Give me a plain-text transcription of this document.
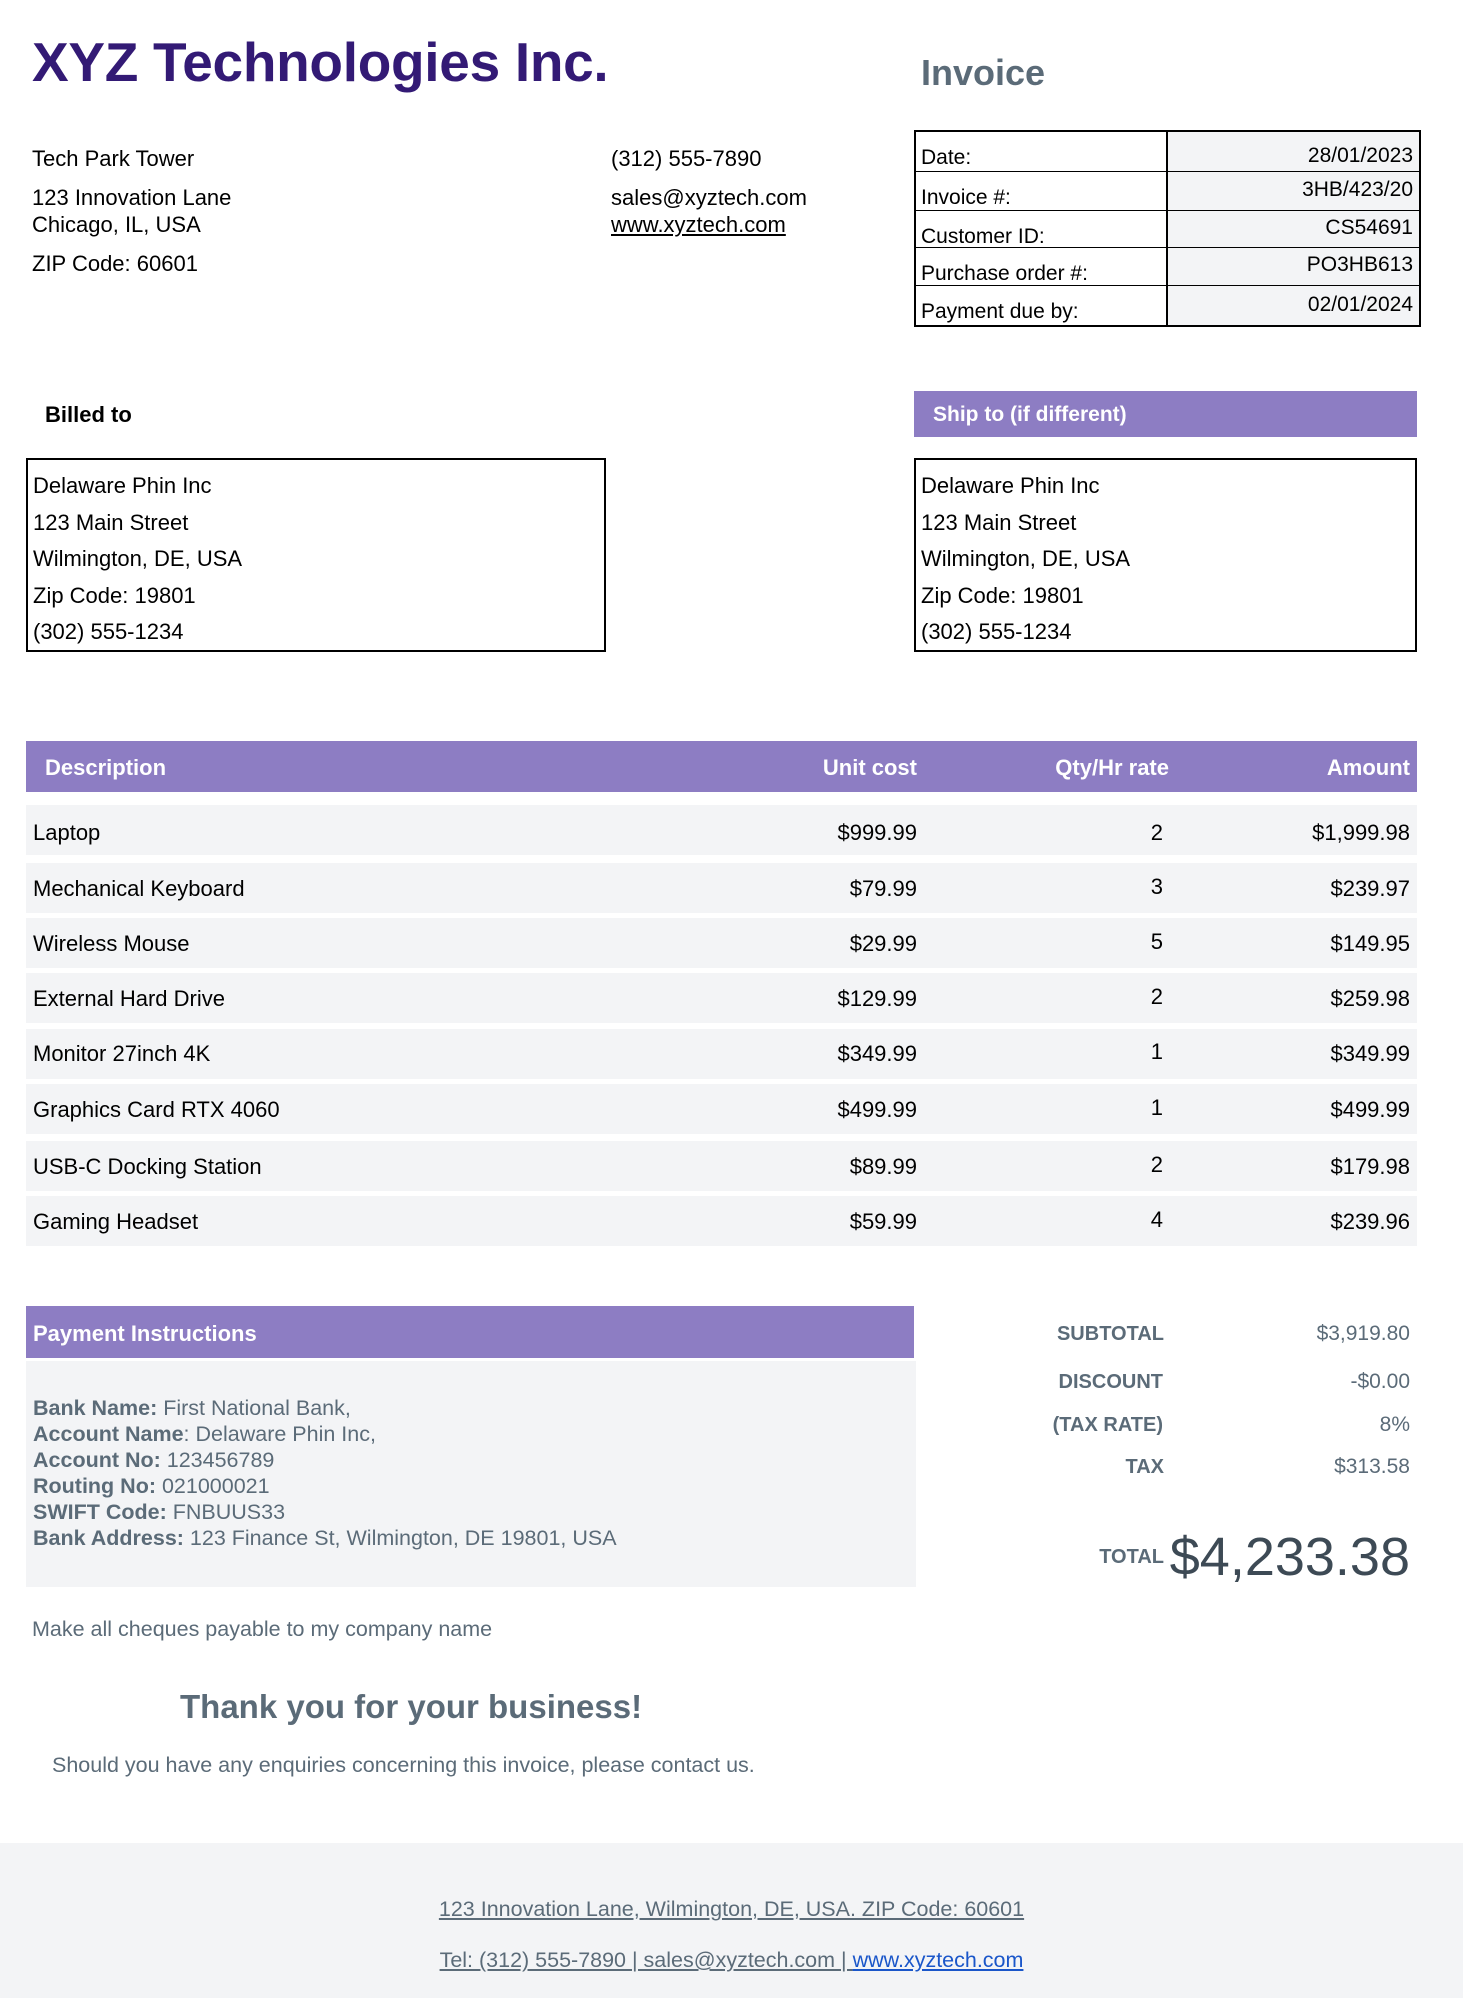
XYZ Technologies Inc.	Invoice
Tech Park Tower
123 Innovation Lane
Chicago, IL, USA
ZIP Code: 60601
(312) 555-7890
sales@xyztech.com
www.xyztech.com
Date:	28/01/2023
Invoice #:	3HB/423/20
Customer ID:	CS54691
Purchase order #:	PO3HB613
Payment due by:	02/01/2024
Billed to	Ship to (if different)
Delaware Phin Inc
123 Main Street
Wilmington, DE, USA
Zip Code: 19801
(302) 555-1234
Delaware Phin Inc
123 Main Street
Wilmington, DE, USA
Zip Code: 19801
(302) 555-1234
Description	Unit cost	Qty/Hr rate	Amount
Laptop	$999.99	2	$1,999.98
Mechanical Keyboard	$79.99	3	$239.97
Wireless Mouse	$29.99	5	$149.95
External Hard Drive	$129.99	2	$259.98
Monitor 27inch 4K	$349.99	1	$349.99
Graphics Card RTX 4060	$499.99	1	$499.99
USB-C Docking Station	$89.99	2	$179.98
Gaming Headset	$59.99	4	$239.96
Payment Instructions
Bank Name: First National Bank,
Account Name: Delaware Phin Inc,
Account No: 123456789
Routing No: 021000021
SWIFT Code: FNBUUS33
Bank Address: 123 Finance St, Wilmington, DE 19801, USA
Make all cheques payable to my company name
SUBTOTAL	$3,919.80
DISCOUNT	-$0.00
(TAX RATE)	8%
TAX	$313.58
TOTAL $4,233.38
Thank you for your business!
Should you have any enquiries concerning this invoice, please contact us.
123 Innovation Lane, Wilmington, DE, USA. ZIP Code: 60601
Tel: (312) 555-7890 | sales@xyztech.com | www.xyztech.com
